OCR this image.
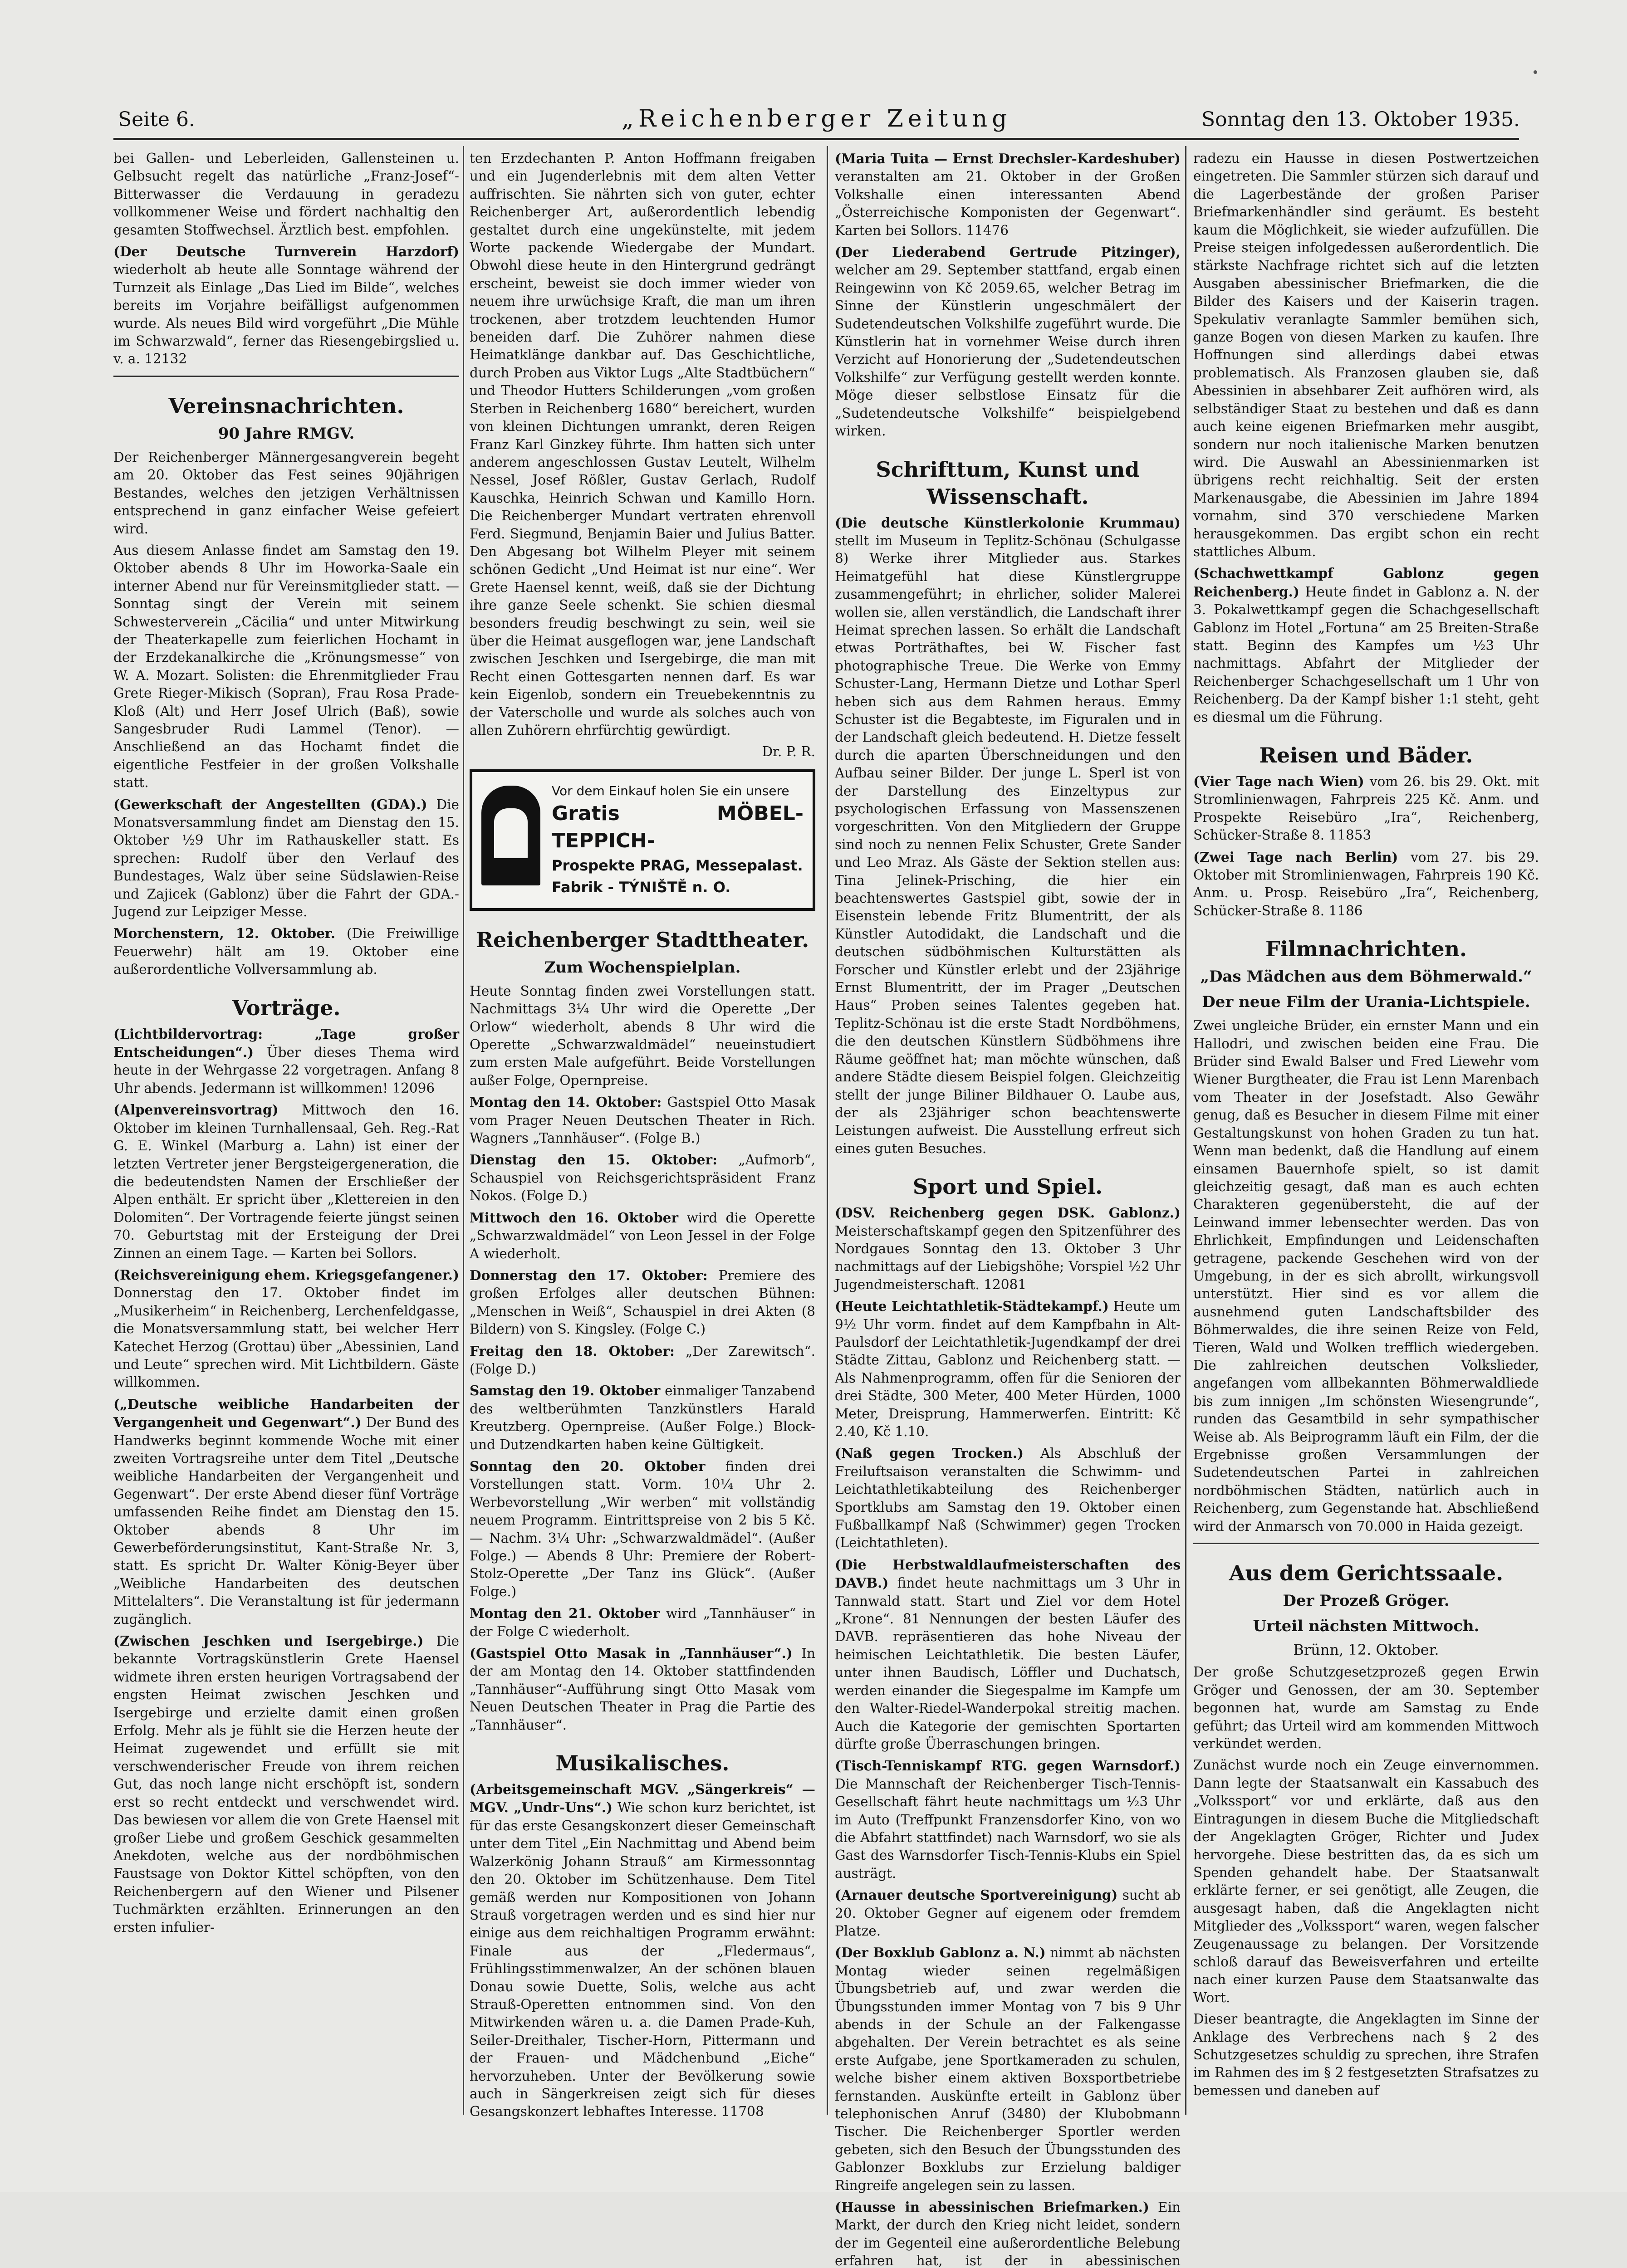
Seite 6.	„Reichenberger Zeitung	Sonntag den 13. Oktober 1935.

bei Gallen- und Leberleiden, Gallensteinen u. Gelbsucht regelt das natürliche „Franz-Josef“-Bitterwasser die Verdauung in geradezu vollkommener Weise und fördert nachhaltig den gesamten Stoffwechsel. Ärztlich best. empfohlen.

(Der Deutsche Turnverein Harzdorf) wiederholt ab heute alle Sonntage während der Turnzeit als Einlage „Das Lied im Bilde“, welches bereits im Vorjahre beifälligst aufgenommen wurde. Als neues Bild wird vorgeführt „Die Mühle im Schwarzwald“, ferner das Riesengebirgslied u. v. a. 12132

Vereinsnachrichten.
90 Jahre RMGV.

Der Reichenberger Männergesangverein begeht am 20. Oktober das Fest seines 90jährigen Bestandes, welches den jetzigen Verhältnissen entsprechend in ganz einfacher Weise gefeiert wird.

Aus diesem Anlasse findet am Samstag den 19. Oktober abends 8 Uhr im Howorka-Saale ein interner Abend nur für Vereinsmitglieder statt. — Sonntag singt der Verein mit seinem Schwesterverein „Cäcilia“ und unter Mitwirkung der Theaterkapelle zum feierlichen Hochamt in der Erzdekanalkirche die „Krönungsmesse“ von W. A. Mozart. Solisten: die Ehrenmitglieder Frau Grete Rieger-Mikisch (Sopran), Frau Rosa Prade-Kloß (Alt) und Herr Josef Ulrich (Baß), sowie Sangesbruder Rudi Lammel (Tenor). — Anschließend an das Hochamt findet die eigentliche Festfeier in der großen Volkshalle statt.

(Gewerkschaft der Angestellten (GDA).) Die Monatsversammlung findet am Dienstag den 15. Oktober ½9 Uhr im Rathauskeller statt. Es sprechen: Rudolf über den Verlauf des Bundestages, Walz über seine Südslawien-Reise und Zajicek (Gablonz) über die Fahrt der GDA.-Jugend zur Leipziger Messe.

Morchenstern, 12. Oktober. (Die Freiwillige Feuerwehr) hält am 19. Oktober eine außerordentliche Vollversammlung ab.

Vorträge.

(Lichtbildervortrag: „Tage großer Entscheidungen“.) Über dieses Thema wird heute in der Wehrgasse 22 vorgetragen. Anfang 8 Uhr abends. Jedermann ist willkommen! 12096

(Alpenvereinsvortrag) Mittwoch den 16. Oktober im kleinen Turnhallensaal, Geh. Reg.-Rat G. E. Winkel (Marburg a. Lahn) ist einer der letzten Vertreter jener Bergsteigergeneration, die die bedeutendsten Namen der Erschließer der Alpen enthält. Er spricht über „Klettereien in den Dolomiten“. Der Vortragende feierte jüngst seinen 70. Geburtstag mit der Ersteigung der Drei Zinnen an einem Tage. — Karten bei Sollors.

(Reichsvereinigung ehem. Kriegsgefangener.) Donnerstag den 17. Oktober findet im „Musikerheim“ in Reichenberg, Lerchenfeldgasse, die Monatsversammlung statt, bei welcher Herr Katechet Herzog (Grottau) über „Abessinien, Land und Leute“ sprechen wird. Mit Lichtbildern. Gäste willkommen.

(„Deutsche weibliche Handarbeiten der Vergangenheit und Gegenwart“.) Der Bund des Handwerks beginnt kommende Woche mit einer zweiten Vortragsreihe unter dem Titel „Deutsche weibliche Handarbeiten der Vergangenheit und Gegenwart“. Der erste Abend dieser fünf Vorträge umfassenden Reihe findet am Dienstag den 15. Oktober abends 8 Uhr im Gewerbeförderungsinstitut, Kant-Straße Nr. 3, statt. Es spricht Dr. Walter König-Beyer über „Weibliche Handarbeiten des deutschen Mittelalters“. Die Veranstaltung ist für jedermann zugänglich.

(Zwischen Jeschken und Isergebirge.) Die bekannte Vortragskünstlerin Grete Haensel widmete ihren ersten heurigen Vortragsabend der engsten Heimat zwischen Jeschken und Isergebirge und erzielte damit einen großen Erfolg. Mehr als je fühlt sie die Herzen heute der Heimat zugewendet und erfüllt sie mit verschwenderischer Freude von ihrem reichen Gut, das noch lange nicht erschöpft ist, sondern erst so recht entdeckt und verschwendet wird. Das bewiesen vor allem die von Grete Haensel mit großer Liebe und großem Geschick gesammelten Anekdoten, welche aus der nordböhmischen Faustsage von Doktor Kittel schöpften, von den Reichenbergern auf den Wiener und Pilsener Tuchmärkten erzählten. Erinnerungen an den ersten infulier-

ten Erzdechanten P. Anton Hoffmann freigaben und ein Jugenderlebnis mit dem alten Vetter auffrischten. Sie nährten sich von guter, echter Reichenberger Art, außerordentlich lebendig gestaltet durch eine ungekünstelte, mit jedem Worte packende Wiedergabe der Mundart. Obwohl diese heute in den Hintergrund gedrängt erscheint, beweist sie doch immer wieder von neuem ihre urwüchsige Kraft, die man um ihren trockenen, aber trotzdem leuchtenden Humor beneiden darf. Die Zuhörer nahmen diese Heimatklänge dankbar auf. Das Geschichtliche, durch Proben aus Viktor Lugs „Alte Stadtbüchern“ und Theodor Hutters Schilderungen „vom großen Sterben in Reichenberg 1680“ bereichert, wurden von kleinen Dichtungen umrankt, deren Reigen Franz Karl Ginzkey führte. Ihm hatten sich unter anderem angeschlossen Gustav Leutelt, Wilhelm Nessel, Josef Rößler, Gustav Gerlach, Rudolf Kauschka, Heinrich Schwan und Kamillo Horn. Die Reichenberger Mundart vertraten ehrenvoll Ferd. Siegmund, Benjamin Baier und Julius Batter. Den Abgesang bot Wilhelm Pleyer mit seinem schönen Gedicht „Und Heimat ist nur eine“. Wer Grete Haensel kennt, weiß, daß sie der Dichtung ihre ganze Seele schenkt. Sie schien diesmal besonders freudig beschwingt zu sein, weil sie über die Heimat ausgeflogen war, jene Landschaft zwischen Jeschken und Isergebirge, die man mit Recht einen Gottesgarten nennen darf. Es war kein Eigenlob, sondern ein Treuebekenntnis zu der Vaterscholle und wurde als solches auch von allen Zuhörern ehrfürchtig gewürdigt.

Dr. P. R.
Vor dem Einkauf holen Sie ein unsere
Gratis MÖBEL-TEPPICH-
Prospekte PRAG, Messepalast.
Fabrik - TÝNIŠTĚ n. O.
Reichenberger Stadttheater.
Zum Wochenspielplan.

Heute Sonntag finden zwei Vorstellungen statt. Nachmittags 3¼ Uhr wird die Operette „Der Orlow“ wiederholt, abends 8 Uhr wird die Operette „Schwarzwaldmädel“ neueinstudiert zum ersten Male aufgeführt. Beide Vorstellungen außer Folge, Opernpreise.

Montag den 14. Oktober: Gastspiel Otto Masak vom Prager Neuen Deutschen Theater in Rich. Wagners „Tannhäuser“. (Folge B.)

Dienstag den 15. Oktober: „Aufmorb“, Schauspiel von Reichsgerichtspräsident Franz Nokos. (Folge D.)

Mittwoch den 16. Oktober wird die Operette „Schwarzwaldmädel“ von Leon Jessel in der Folge A wiederholt.

Donnerstag den 17. Oktober: Premiere des großen Erfolges aller deutschen Bühnen: „Menschen in Weiß“, Schauspiel in drei Akten (8 Bildern) von S. Kingsley. (Folge C.)

Freitag den 18. Oktober: „Der Zarewitsch“. (Folge D.)

Samstag den 19. Oktober einmaliger Tanzabend des weltberühmten Tanzkünstlers Harald Kreutzberg. Opernpreise. (Außer Folge.) Block- und Dutzendkarten haben keine Gültigkeit.

Sonntag den 20. Oktober finden drei Vorstellungen statt. Vorm. 10¼ Uhr 2. Werbevorstellung „Wir werben“ mit vollständig neuem Programm. Eintrittspreise von 2 bis 5 Kč. — Nachm. 3¼ Uhr: „Schwarzwaldmädel“. (Außer Folge.) — Abends 8 Uhr: Premiere der Robert-Stolz-Operette „Der Tanz ins Glück“. (Außer Folge.)

Montag den 21. Oktober wird „Tannhäuser“ in der Folge C wiederholt.

(Gastspiel Otto Masak in „Tannhäuser“.) In der am Montag den 14. Oktober stattfindenden „Tannhäuser“-Aufführung singt Otto Masak vom Neuen Deutschen Theater in Prag die Partie des „Tannhäuser“.

Musikalisches.

(Arbeitsgemeinschaft MGV. „Sängerkreis“ — MGV. „Undr-Uns“.) Wie schon kurz berichtet, ist für das erste Gesangskonzert dieser Gemeinschaft unter dem Titel „Ein Nachmittag und Abend beim Walzerkönig Johann Strauß“ am Kirmessonntag den 20. Oktober im Schützenhause. Dem Titel gemäß werden nur Kompositionen von Johann Strauß vorgetragen werden und es sind hier nur einige aus dem reichhaltigen Programm erwähnt: Finale aus der „Fledermaus“, Frühlingsstimmenwalzer, An der schönen blauen Donau sowie Duette, Solis, welche aus acht Strauß-Operetten entnommen sind. Von den Mitwirkenden wären u. a. die Damen Prade-Kuh, Seiler-Dreithaler, Tischer-Horn, Pittermann und der Frauen- und Mädchenbund „Eiche“ hervorzuheben. Unter der Bevölkerung sowie auch in Sängerkreisen zeigt sich für dieses Gesangskonzert lebhaftes Interesse. 11708

(Maria Tuita — Ernst Drechsler-Kardeshuber) veranstalten am 21. Oktober in der Großen Volkshalle einen interessanten Abend „Österreichische Komponisten der Gegenwart“. Karten bei Sollors. 11476

(Der Liederabend Gertrude Pitzinger), welcher am 29. September stattfand, ergab einen Reingewinn von Kč 2059.65, welcher Betrag im Sinne der Künstlerin ungeschmälert der Sudetendeutschen Volkshilfe zugeführt wurde. Die Künstlerin hat in vornehmer Weise durch ihren Verzicht auf Honorierung der „Sudetendeutschen Volkshilfe“ zur Verfügung gestellt werden konnte. Möge dieser selbstlose Einsatz für die „Sudetendeutsche Volkshilfe“ beispielgebend wirken.

Schrifttum, Kunst und Wissenschaft.

(Die deutsche Künstlerkolonie Krummau) stellt im Museum in Teplitz-Schönau (Schulgasse 8) Werke ihrer Mitglieder aus. Starkes Heimatgefühl hat diese Künstlergruppe zusammengeführt; in ehrlicher, solider Malerei wollen sie, allen verständlich, die Landschaft ihrer Heimat sprechen lassen. So erhält die Landschaft etwas Porträthaftes, bei W. Fischer fast photographische Treue. Die Werke von Emmy Schuster-Lang, Hermann Dietze und Lothar Sperl heben sich aus dem Rahmen heraus. Emmy Schuster ist die Begabteste, im Figuralen und in der Landschaft gleich bedeutend. H. Dietze fesselt durch die aparten Überschneidungen und den Aufbau seiner Bilder. Der junge L. Sperl ist von der Darstellung des Einzeltypus zur psychologischen Erfassung von Massenszenen vorgeschritten. Von den Mitgliedern der Gruppe sind noch zu nennen Felix Schuster, Grete Sander und Leo Mraz. Als Gäste der Sektion stellen aus: Tina Jelinek-Prisching, die hier ein beachtenswertes Gastspiel gibt, sowie der in Eisenstein lebende Fritz Blumentritt, der als Künstler Autodidakt, die Landschaft und die deutschen südböhmischen Kulturstätten als Forscher und Künstler erlebt und der 23jährige Ernst Blumentritt, der im Prager „Deutschen Haus“ Proben seines Talentes gegeben hat. Teplitz-Schönau ist die erste Stadt Nordböhmens, die den deutschen Künstlern Südböhmens ihre Räume geöffnet hat; man möchte wünschen, daß andere Städte diesem Beispiel folgen. Gleichzeitig stellt der junge Biliner Bildhauer O. Laube aus, der als 23jähriger schon beachtenswerte Leistungen aufweist. Die Ausstellung erfreut sich eines guten Besuches.

Sport und Spiel.

(DSV. Reichenberg gegen DSK. Gablonz.) Meisterschaftskampf gegen den Spitzenführer des Nordgaues Sonntag den 13. Oktober 3 Uhr nachmittags auf der Liebigshöhe; Vorspiel ½2 Uhr Jugendmeisterschaft. 12081

(Heute Leichtathletik-Städtekampf.) Heute um 9½ Uhr vorm. findet auf dem Kampfbahn in Alt-Paulsdorf der Leichtathletik-Jugendkampf der drei Städte Zittau, Gablonz und Reichenberg statt. — Als Nahmenprogramm, offen für die Senioren der drei Städte, 300 Meter, 400 Meter Hürden, 1000 Meter, Dreisprung, Hammerwerfen. Eintritt: Kč 2.40, Kč 1.10.

(Naß gegen Trocken.) Als Abschluß der Freiluftsaison veranstalten die Schwimm- und Leichtathletikabteilung des Reichenberger Sportklubs am Samstag den 19. Oktober einen Fußballkampf Naß (Schwimmer) gegen Trocken (Leichtathleten).

(Die Herbstwaldlaufmeisterschaften des DAVB.) findet heute nachmittags um 3 Uhr in Tannwald statt. Start und Ziel vor dem Hotel „Krone“. 81 Nennungen der besten Läufer des DAVB. repräsentieren das hohe Niveau der heimischen Leichtathletik. Die besten Läufer, unter ihnen Baudisch, Löffler und Duchatsch, werden einander die Siegespalme im Kampfe um den Walter-Riedel-Wanderpokal streitig machen. Auch die Kategorie der gemischten Sportarten dürfte große Überraschungen bringen.

(Tisch-Tenniskampf RTG. gegen Warnsdorf.) Die Mannschaft der Reichenberger Tisch-Tennis-Gesellschaft fährt heute nachmittags um ½3 Uhr im Auto (Treffpunkt Franzensdorfer Kino, von wo die Abfahrt stattfindet) nach Warnsdorf, wo sie als Gast des Warnsdorfer Tisch-Tennis-Klubs ein Spiel austrägt.

(Arnauer deutsche Sportvereinigung) sucht ab 20. Oktober Gegner auf eigenem oder fremdem Platze.

(Der Boxklub Gablonz a. N.) nimmt ab nächsten Montag wieder seinen regelmäßigen Übungsbetrieb auf, und zwar werden die Übungsstunden immer Montag von 7 bis 9 Uhr abends in der Schule an der Falkengasse abgehalten. Der Verein betrachtet es als seine erste Aufgabe, jene Sportkameraden zu schulen, welche bisher einem aktiven Boxsportbetriebe fernstanden. Auskünfte erteilt in Gablonz über telephonischen Anruf (3480) der Klubobmann Tischer. Die Reichenberger Sportler werden gebeten, sich den Besuch der Übungsstunden des Gablonzer Boxklubs zur Erzielung baldiger Ringreife angelegen sein zu lassen.

(Hausse in abessinischen Briefmarken.) Ein Markt, der durch den Krieg nicht leidet, sondern der im Gegenteil eine außerordentliche Belebung erfahren hat, ist der in abessinischen

radezu ein Hausse in diesen Postwertzeichen eingetreten. Die Sammler stürzen sich darauf und die Lagerbestände der großen Pariser Briefmarkenhändler sind geräumt. Es besteht kaum die Möglichkeit, sie wieder aufzufüllen. Die Preise steigen infolgedessen außerordentlich. Die stärkste Nachfrage richtet sich auf die letzten Ausgaben abessinischer Briefmarken, die die Bilder des Kaisers und der Kaiserin tragen. Spekulativ veranlagte Sammler bemühen sich, ganze Bogen von diesen Marken zu kaufen. Ihre Hoffnungen sind allerdings dabei etwas problematisch. Als Franzosen glauben sie, daß Abessinien in absehbarer Zeit aufhören wird, als selbständiger Staat zu bestehen und daß es dann auch keine eigenen Briefmarken mehr ausgibt, sondern nur noch italienische Marken benutzen wird. Die Auswahl an Abessinienmarken ist übrigens recht reichhaltig. Seit der ersten Markenausgabe, die Abessinien im Jahre 1894 vornahm, sind 370 verschiedene Marken herausgekommen. Das ergibt schon ein recht stattliches Album.

(Schachwettkampf Gablonz gegen Reichenberg.) Heute findet in Gablonz a. N. der 3. Pokalwettkampf gegen die Schachgesellschaft Gablonz im Hotel „Fortuna“ am 25 Breiten-Straße statt. Beginn des Kampfes um ½3 Uhr nachmittags. Abfahrt der Mitglieder der Reichenberger Schachgesellschaft um 1 Uhr von Reichenberg. Da der Kampf bisher 1:1 steht, geht es diesmal um die Führung.

Reisen und Bäder.

(Vier Tage nach Wien) vom 26. bis 29. Okt. mit Stromlinienwagen, Fahrpreis 225 Kč. Anm. und Prospekte Reisebüro „Ira“, Reichenberg, Schücker-Straße 8. 11853

(Zwei Tage nach Berlin) vom 27. bis 29. Oktober mit Stromlinienwagen, Fahrpreis 190 Kč. Anm. u. Prosp. Reisebüro „Ira“, Reichenberg, Schücker-Straße 8. 1186

Filmnachrichten.
„Das Mädchen aus dem Böhmerwald.“
Der neue Film der Urania-Lichtspiele.

Zwei ungleiche Brüder, ein ernster Mann und ein Hallodri, und zwischen beiden eine Frau. Die Brüder sind Ewald Balser und Fred Liewehr vom Wiener Burgtheater, die Frau ist Lenn Marenbach vom Theater in der Josefstadt. Also Gewähr genug, daß es Besucher in diesem Filme mit einer Gestaltungskunst von hohen Graden zu tun hat. Wenn man bedenkt, daß die Handlung auf einem einsamen Bauernhofe spielt, so ist damit gleichzeitig gesagt, daß man es auch echten Charakteren gegenübersteht, die auf der Leinwand immer lebensechter werden. Das von Ehrlichkeit, Empfindungen und Leidenschaften getragene, packende Geschehen wird von der Umgebung, in der es sich abrollt, wirkungsvoll unterstützt. Hier sind es vor allem die ausnehmend guten Landschaftsbilder des Böhmerwaldes, die ihre seinen Reize von Feld, Tieren, Wald und Wolken trefflich wiedergeben. Die zahlreichen deutschen Volkslieder, angefangen vom allbekannten Böhmerwaldliede bis zum innigen „Im schönsten Wiesengrunde“, runden das Gesamtbild in sehr sympathischer Weise ab. Als Beiprogramm läuft ein Film, der die Ergebnisse großen Versammlungen der Sudetendeutschen Partei in zahlreichen nordböhmischen Städten, natürlich auch in Reichenberg, zum Gegenstande hat. Abschließend wird der Anmarsch von 70.000 in Haida gezeigt.

Aus dem Gerichtssaale.
Der Prozeß Gröger.
Urteil nächsten Mittwoch.
Brünn, 12. Oktober.

Der große Schutzgesetzprozeß gegen Erwin Gröger und Genossen, der am 30. September begonnen hat, wurde am Samstag zu Ende geführt; das Urteil wird am kommenden Mittwoch verkündet werden.

Zunächst wurde noch ein Zeuge einvernommen. Dann legte der Staatsanwalt ein Kassabuch des „Volkssport“ vor und erklärte, daß aus den Eintragungen in diesem Buche die Mitgliedschaft der Angeklagten Gröger, Richter und Judex hervorgehe. Diese bestritten das, da es sich um Spenden gehandelt habe. Der Staatsanwalt erklärte ferner, er sei genötigt, alle Zeugen, die ausgesagt haben, daß die Angeklagten nicht Mitglieder des „Volkssport“ waren, wegen falscher Zeugenaussage zu belangen. Der Vorsitzende schloß darauf das Beweisverfahren und erteilte nach einer kurzen Pause dem Staatsanwalte das Wort.

Dieser beantragte, die Angeklagten im Sinne der Anklage des Verbrechens nach § 2 des Schutzgesetzes schuldig zu sprechen, ihre Strafen im Rahmen des im § 2 festgesetzten Strafsatzes zu bemessen und daneben auf
